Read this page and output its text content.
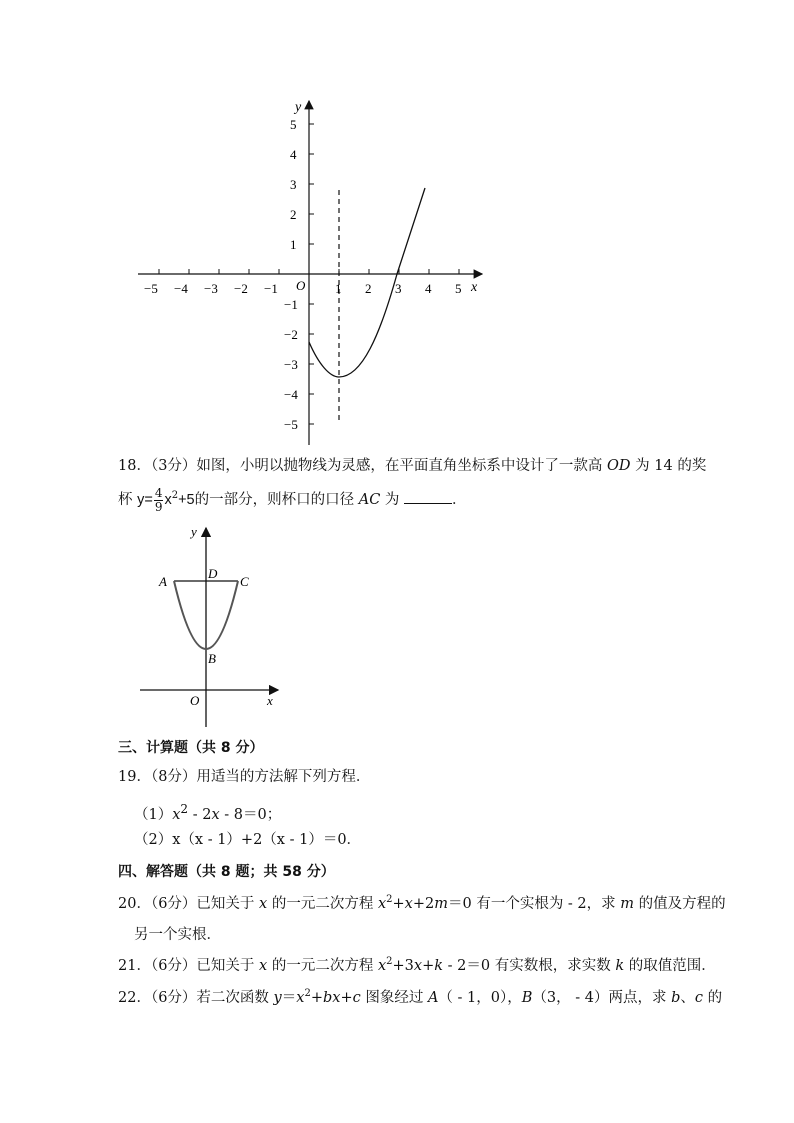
y
x
O
−5 −4 −3 −2 −1	1 2 3 4 5
1
2
3
4
5
−1
−2
−3
−4
−5
18．（3分）如图，小明以抛物线为灵感，在平面直角坐标系中设计了一款高 OD 为 14 的奖
杯 $y= \frac{4}{9} x^2+5$的一部分，则杯口的口径 AC 为	．
y
A
D
C
B
O	x
三、计算题（共 8 分）
19．（8分）用适当的方法解下列方程．
$(1)x^2 - 2x - 8=0$；
（2）x（x - 1）+2（x - 1）＝0．
四、解答题（共 8 题；共 58 分）
20．（6分）已知关于 x 的一元二次方程 $x^2+x+2m=0$ 有一个实根为 - 2，求 m 的值及方程的
另一个实根．
21．（6分）已知关于 x 的一元二次方程 $x^2+3x+k - 2=0$ 有实数根，求实数 k 的取值范围．
22．（6分）若二次函数 $y=x^2+bx+c$ 图象经过 A（ - 1，0），B（3， - 4）两点，求 b、c 的
